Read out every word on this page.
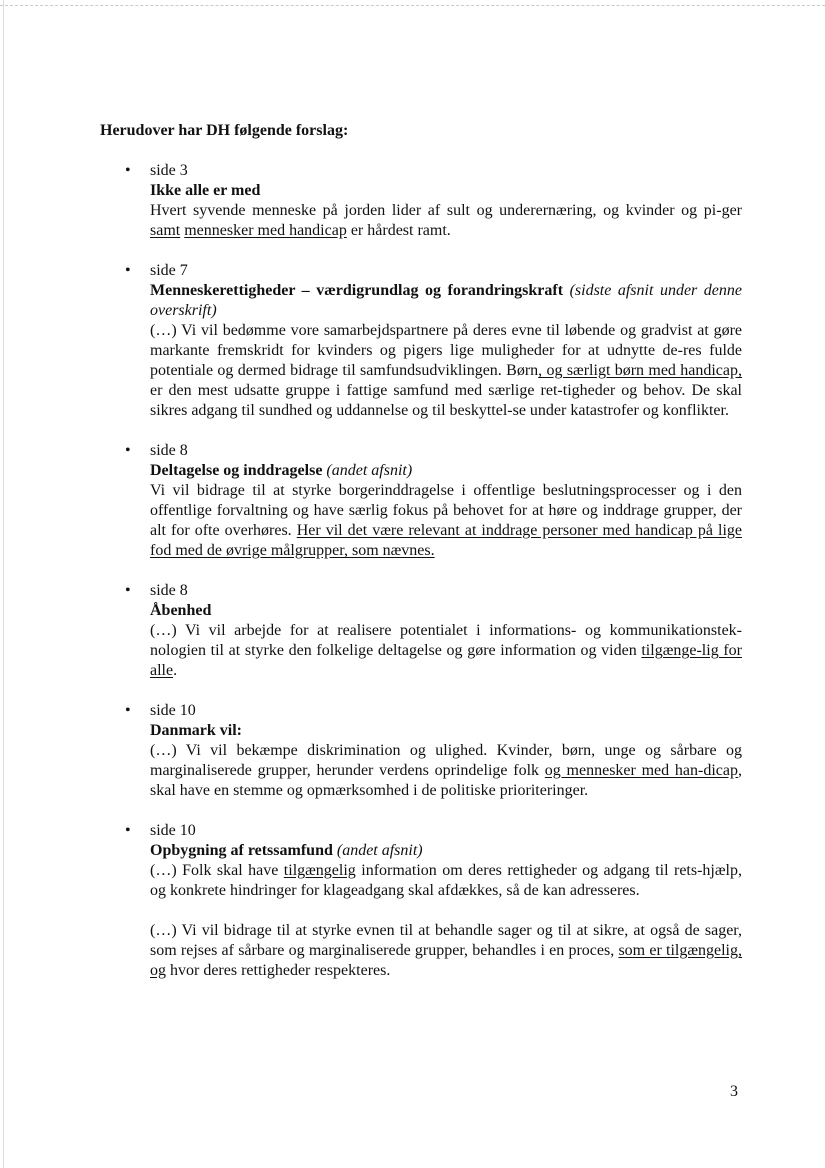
Herudover har DH følgende forslag:
• side 3

Ikke alle er med

Hvert syvende menneske på jorden lider af sult og underernæring, og kvinder og pi-ger samt mennesker med handicap er hårdest ramt.

• side 7

Menneskerettigheder – værdigrundlag og forandringskraft (sidste afsnit under denne overskrift)

(…) Vi vil bedømme vore samarbejdspartnere på deres evne til løbende og gradvist at gøre markante fremskridt for kvinders og pigers lige muligheder for at udnytte de-res fulde potentiale og dermed bidrage til samfundsudviklingen. Børn, og særligt børn med handicap, er den mest udsatte gruppe i fattige samfund med særlige ret-tigheder og behov. De skal sikres adgang til sundhed og uddannelse og til beskyttel-se under katastrofer og konflikter.

• side 8

Deltagelse og inddragelse (andet afsnit)

Vi vil bidrage til at styrke borgerinddragelse i offentlige beslutningsprocesser og i den offentlige forvaltning og have særlig fokus på behovet for at høre og inddrage grupper, der alt for ofte overhøres. Her vil det være relevant at inddrage personer med handicap på lige fod med de øvrige målgrupper, som nævnes.

• side 8

Åbenhed

(…) Vi vil arbejde for at realisere potentialet i informations- og kommunikationstek-nologien til at styrke den folkelige deltagelse og gøre information og viden tilgænge-lig for alle.

• side 10

Danmark vil:

(…) Vi vil bekæmpe diskrimination og ulighed. Kvinder, børn, unge og sårbare og marginaliserede grupper, herunder verdens oprindelige folk og mennesker med han-dicap, skal have en stemme og opmærksomhed i de politiske prioriteringer.

• side 10

Opbygning af retssamfund (andet afsnit)

(…) Folk skal have tilgængelig information om deres rettigheder og adgang til rets-hjælp, og konkrete hindringer for klageadgang skal afdækkes, så de kan adresseres.

(…) Vi vil bidrage til at styrke evnen til at behandle sager og til at sikre, at også de sager, som rejses af sårbare og marginaliserede grupper, behandles i en proces, som er tilgængelig, og hvor deres rettigheder respekteres.

3
